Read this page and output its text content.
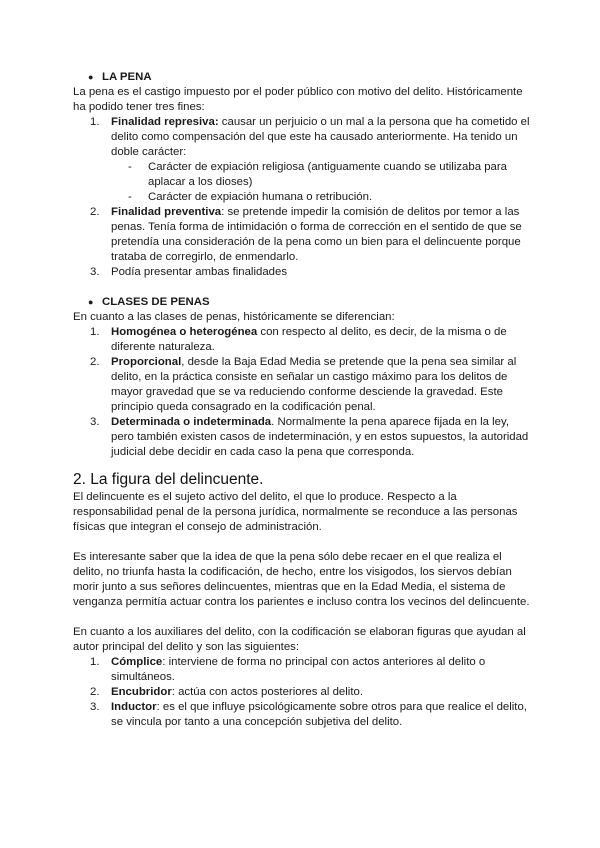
● LA PENA

La pena es el castigo impuesto por el poder público con motivo del delito. Históricamente ha podido tener tres fines:

1. Finalidad represiva: causar un perjuicio o un mal a la persona que ha cometido el delito como compensación del que este ha causado anteriormente. Ha tenido un doble carácter:
- Carácter de expiación religiosa (antiguamente cuando se utilizaba para aplacar a los dioses)
- Carácter de expiación humana o retribución.
2. Finalidad preventiva: se pretende impedir la comisión de delitos por temor a las penas. Tenía forma de intimidación o forma de corrección en el sentido de que se pretendía una consideración de la pena como un bien para el delincuente porque trataba de corregirlo, de enmendarlo.
3. Podía presentar ambas finalidades
● CLASES DE PENAS

En cuanto a las clases de penas, históricamente se diferencian:

1. Homogénea o heterogénea con respecto al delito, es decir, de la misma o de diferente naturaleza.
2. Proporcional, desde la Baja Edad Media se pretende que la pena sea similar al delito, en la práctica consiste en señalar un castigo máximo para los delitos de mayor gravedad que se va reduciendo conforme desciende la gravedad. Este principio queda consagrado en la codificación penal.
3. Determinada o indeterminada. Normalmente la pena aparece fijada en la ley, pero también existen casos de indeterminación, y en estos supuestos, la autoridad judicial debe decidir en cada caso la pena que corresponda.
2. La figura del delincuente.

El delincuente es el sujeto activo del delito, el que lo produce. Respecto a la responsabilidad penal de la persona jurídica, normalmente se reconduce a las personas físicas que integran el consejo de administración.

Es interesante saber que la idea de que la pena sólo debe recaer en el que realiza el delito, no triunfa hasta la codificación, de hecho, entre los visigodos, los siervos debían morir junto a sus señores delincuentes, mientras que en la Edad Media, el sistema de venganza permitía actuar contra los parientes e incluso contra los vecinos del delincuente.

En cuanto a los auxiliares del delito, con la codificación se elaboran figuras que ayudan al autor principal del delito y son las siguientes:

1. Cómplice: interviene de forma no principal con actos anteriores al delito o simultáneos.
2. Encubridor: actúa con actos posteriores al delito.
3. Inductor: es el que influye psicológicamente sobre otros para que realice el delito, se vincula por tanto a una concepción subjetiva del delito.
